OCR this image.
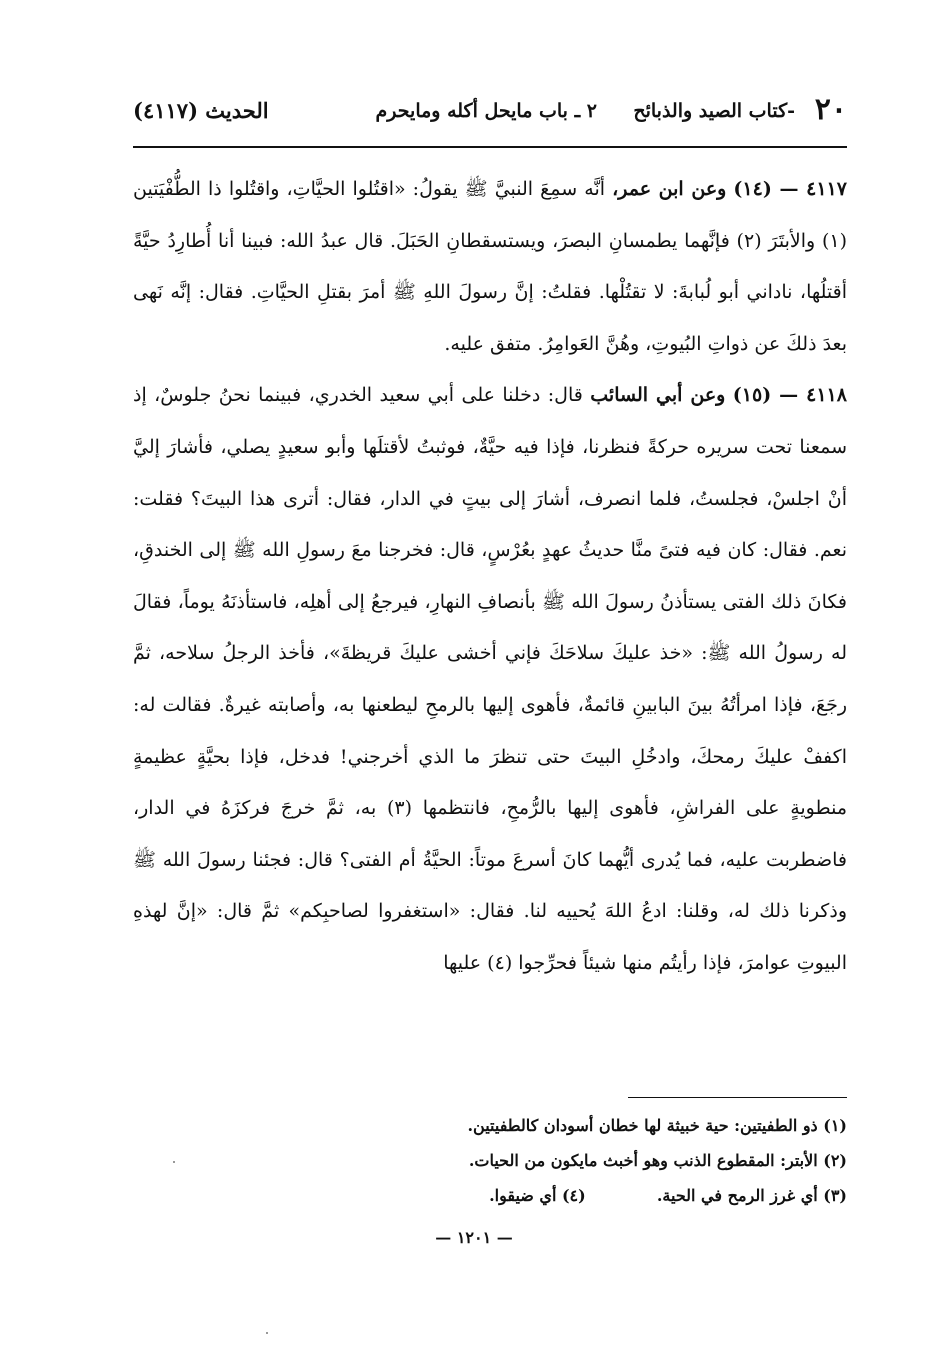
٢٠
-كتاب الصيد والذبائح
٢ ـ باب مايحل أكله ومايحرم
الحديث (٤١١٧)

٤١١٧ — (١٤) وعن ابن عمر، أنَّه سمِعَ النبيَّ ﷺ يقولُ: «اقتُلوا الحيَّاتِ، واقتُلوا ذا الطُّفْيَتين (١) والأبتَرَ (٢) فإنَّهما يطمسانِ البصرَ، ويستسقطانِ الحَبَلَ. قال عبدُ الله: فبينا أنا أُطارِدُ حيَّةً أقتلُها، ناداني أبو لُبابةَ: لا تقتُلْها. فقلتُ: إنَّ رسولَ اللهِ ﷺ أمرَ بقتلِ الحيَّاتِ. فقال: إنَّه نَهى بعدَ ذلكَ عن ذواتِ البُيوتِ، وهُنَّ العَوامِرُ. متفق عليه.

٤١١٨ — (١٥) وعن أبي السائب قال: دخلنا على أبي سعيد الخدري، فبينما نحنُ جلوسٌ، إذ سمعنا تحت سريره حركةً فنظرنا، فإذا فيه حيَّةٌ، فوثبتُ لأقتلَها وأبو سعيدٍ يصلي، فأشارَ إليَّ أنْ اجلسْ، فجلستُ، فلما انصرف، أشارَ إلى بيتٍ في الدار، فقال: أترى هذا البيتَ؟ فقلت: نعم. فقال: كان فيه فتىً منَّا حديثُ عهدٍ بعُرْسٍ، قال: فخرجنا معَ رسولِ الله ﷺ إلى الخندقِ، فكانَ ذلك الفتى يستأذنُ رسولَ الله ﷺ بأنصافِ النهارِ، فيرجعُ إلى أهلِه، فاستأذنَهُ يوماً، فقالَ له رسولُ الله ﷺ: «خذ عليكَ سلاحَكَ فإني أخشى عليكَ قريظةَ»، فأخذ الرجلُ سلاحه، ثمَّ رجَعَ، فإذا امرأتُهُ بينَ البابينِ قائمةٌ، فأهوى إليها بالرمحِ ليطعنها به، وأصابته غيرةٌ. فقالت له: اكففْ عليكَ رمحكَ، وادخُلِ البيتَ حتى تنظرَ ما الذي أخرجني! فدخل، فإذا بحيَّةٍ عظيمةٍ منطويةٍ على الفراشِ، فأهوى إليها بالرُّمحِ، فانتظمها (٣) به، ثمَّ خرجَ فركزَهُ في الدار، فاضطربت عليه، فما يُدرى أيُّهما كانَ أسرعَ موتاً: الحيَّةُ أم الفتى؟ قال: فجئنا رسولَ الله ﷺ وذكرنا ذلك له، وقلنا: ادعُ اللهَ يُحييه لنا. فقال: «استغفروا لصاحبِكم» ثمَّ قال: «إنَّ لهذهِ البيوتِ عوامرَ، فإذا رأيتُم منها شيئاً فحرِّجوا (٤) عليها

(١) ذو الطفيتين: حية خبيثة لها خطان أسودان كالطفيتين.
(٢) الأبتر: المقطوع الذنب وهو أخبث مايكون من الحيات.
(٣) أي غرز الرمح في الحية.  (٤) أي ضيقوا.
— ١٢٠١ —
